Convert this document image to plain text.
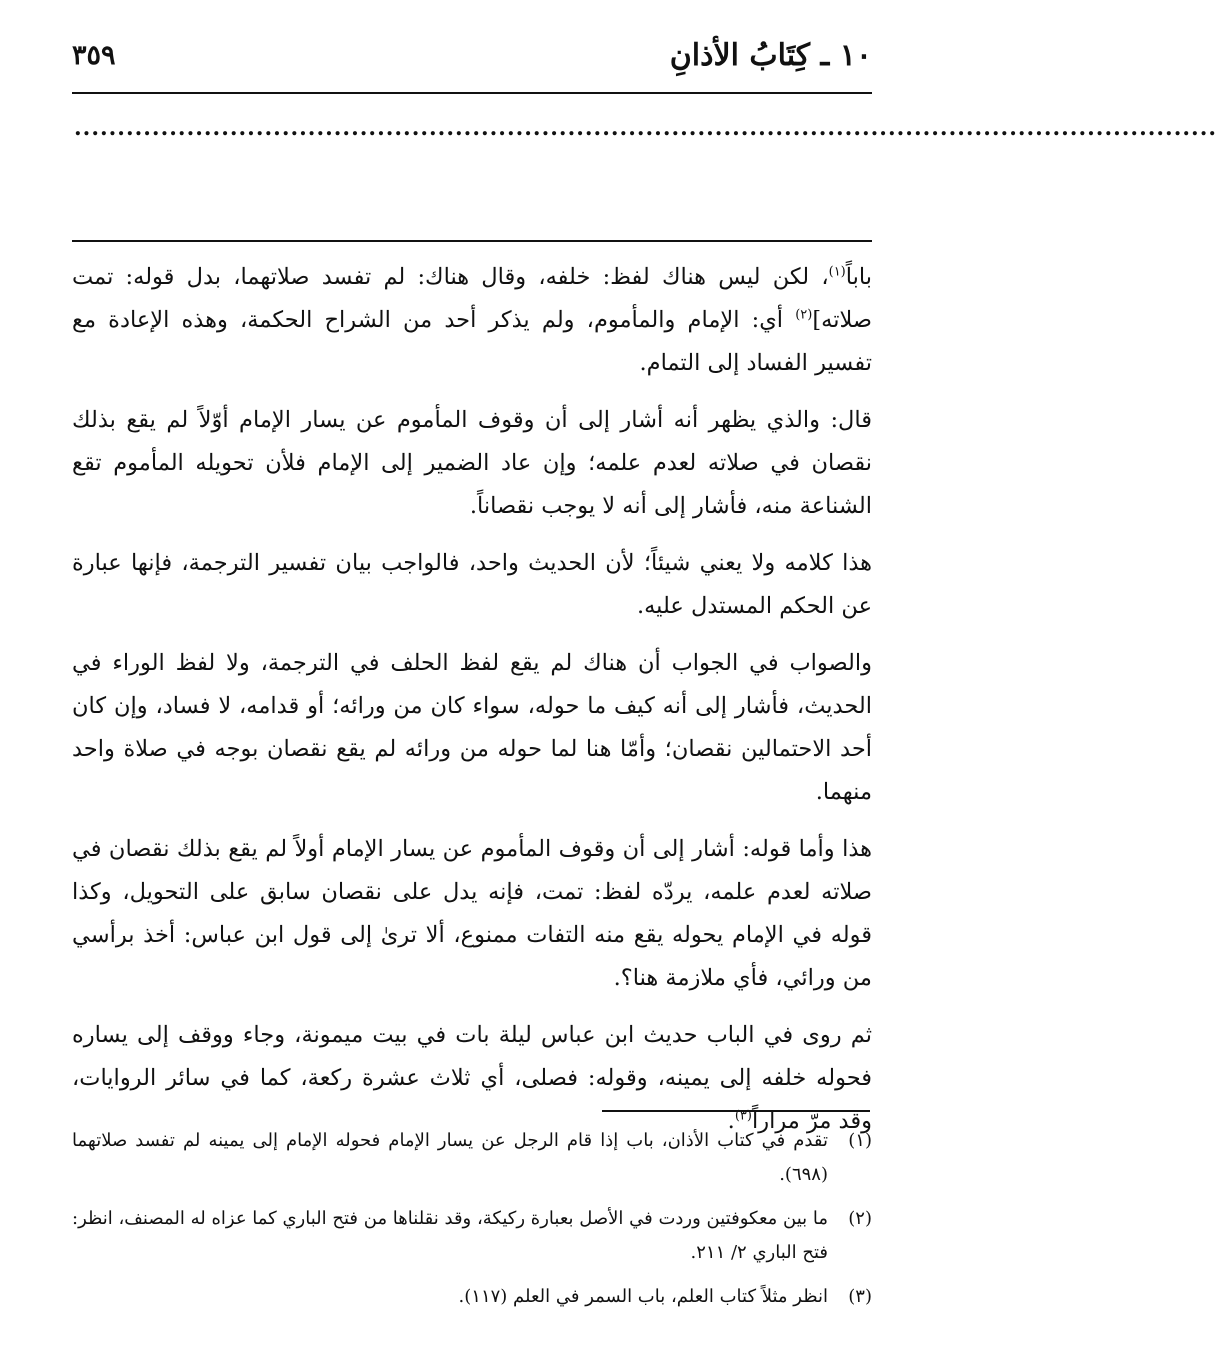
١٠ ـ كِتَابُ الأذانِ
٣٥٩
....................................................................................................................................

باباً$^{(١)}$، لكن ليس هناك لفظ: خلفه، وقال هناك: لم تفسد صلاتهما، بدل قوله: تمت صلاته]$^{(٢)}$ أي: الإمام والمأموم، ولم يذكر أحد من الشراح الحكمة، وهذه الإعادة مع تفسير الفساد إلى التمام.

قال: والذي يظهر أنه أشار إلى أن وقوف المأموم عن يسار الإمام أوّلاً لم يقع بذلك نقصان في صلاته لعدم علمه؛ وإن عاد الضمير إلى الإمام فلأن تحويله المأموم تقع الشناعة منه، فأشار إلى أنه لا يوجب نقصاناً.

هذا كلامه ولا يعني شيئاً؛ لأن الحديث واحد، فالواجب بيان تفسير الترجمة، فإنها عبارة عن الحكم المستدل عليه.

والصواب في الجواب أن هناك لم يقع لفظ الحلف في الترجمة، ولا لفظ الوراء في الحديث، فأشار إلى أنه كيف ما حوله، سواء كان من ورائه؛ أو قدامه، لا فساد، وإن كان أحد الاحتمالين نقصان؛ وأمّا هنا لما حوله من ورائه لم يقع نقصان بوجه في صلاة واحد منهما.

هذا وأما قوله: أشار إلى أن وقوف المأموم عن يسار الإمام أولاً لم يقع بذلك نقصان في صلاته لعدم علمه، يردّه لفظ: تمت، فإنه يدل على نقصان سابق على التحويل، وكذا قوله في الإمام يحوله يقع منه التفات ممنوع، ألا ترىٰ إلى قول ابن عباس: أخذ برأسي من ورائي، فأي ملازمة هنا؟.

ثم روى في الباب حديث ابن عباس ليلة بات في بيت ميمونة، وجاء ووقف إلى يساره فحوله خلفه إلى يمينه، وقوله: فصلى، أي ثلاث عشرة ركعة، كما في سائر الروايات، وقد مرّ مراراً$^{(٣)}$.

(١)
تقدم في كتاب الأذان، باب إذا قام الرجل عن يسار الإمام فحوله الإمام إلى يمينه لم تفسد صلاتهما (٦٩٨).
(٢)
ما بين معكوفتين وردت في الأصل بعبارة ركيكة، وقد نقلناها من فتح الباري كما عزاه له المصنف، انظر: فتح الباري ٢/ ٢١١.
(٣)
انظر مثلاً كتاب العلم، باب السمر في العلم (١١٧).
